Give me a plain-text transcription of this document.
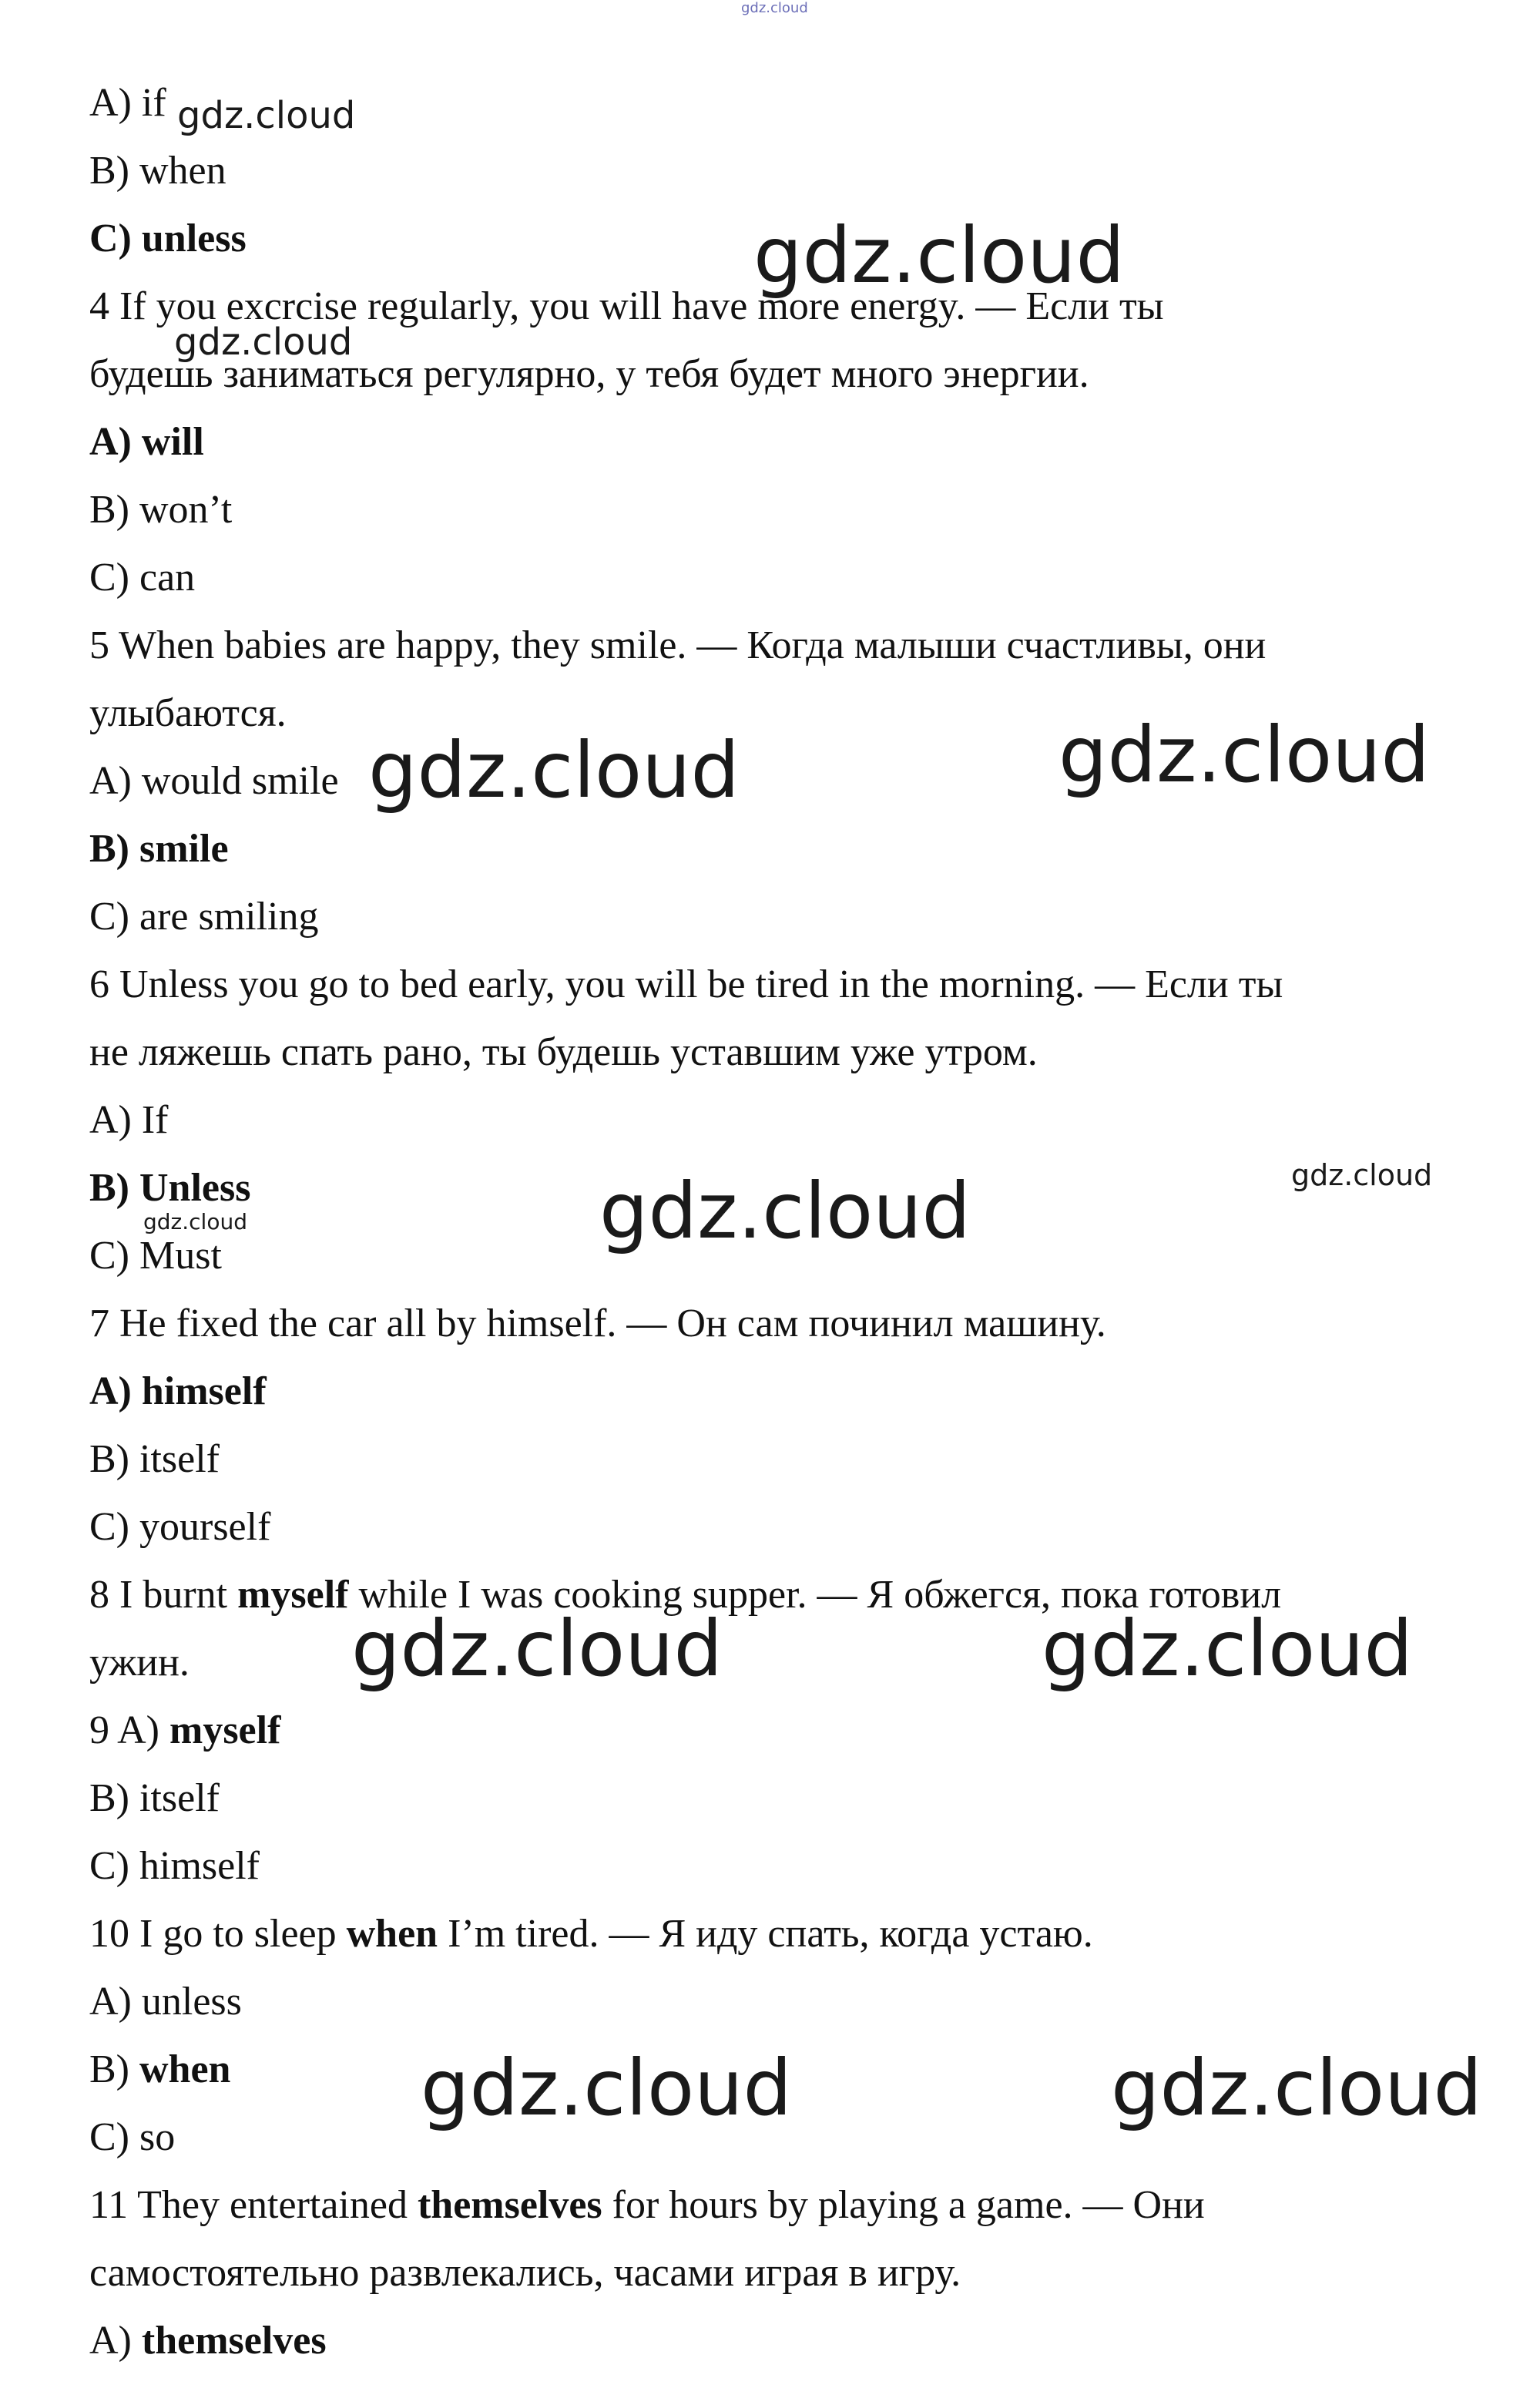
A) if

B) when

C) unless

4 If you excrcise regularly, you will have more energy. — Если ты

будешь заниматься регулярно, у тебя будет много энергии.

A) will

B) won’t

C) can

5 When babies are happy, they smile. — Когда малыши счастливы, они

улыбаются.

A) would smile

B) smile

C) are smiling

6 Unless you go to bed early, you will be tired in the morning. — Если ты

не ляжешь спать рано, ты будешь уставшим уже утром.

A) If

B) Unless

C) Must

7 He fixed the car all by himself. — Он сам починил машину.

A) himself

B) itself

C) yourself

8 I burnt myself while I was cooking supper. — Я обжегся, пока готовил

ужин.

9 A) myself

B) itself

C) himself

10 I go to sleep when I’m tired. — Я иду спать, когда устаю.

A) unless

B) when

C) so

11 They entertained themselves for hours by playing a game. — Они

самостоятельно развлекались, часами играя в игру.

A) themselves

gdz.cloud
gdz.cloud
gdz.cloud
gdz.cloud
gdz.cloud	gdz.cloud
gdz.cloud	gdz.cloud
gdz.cloud
gdz.cloud	gdz.cloud
gdz.cloud	gdz.cloud
